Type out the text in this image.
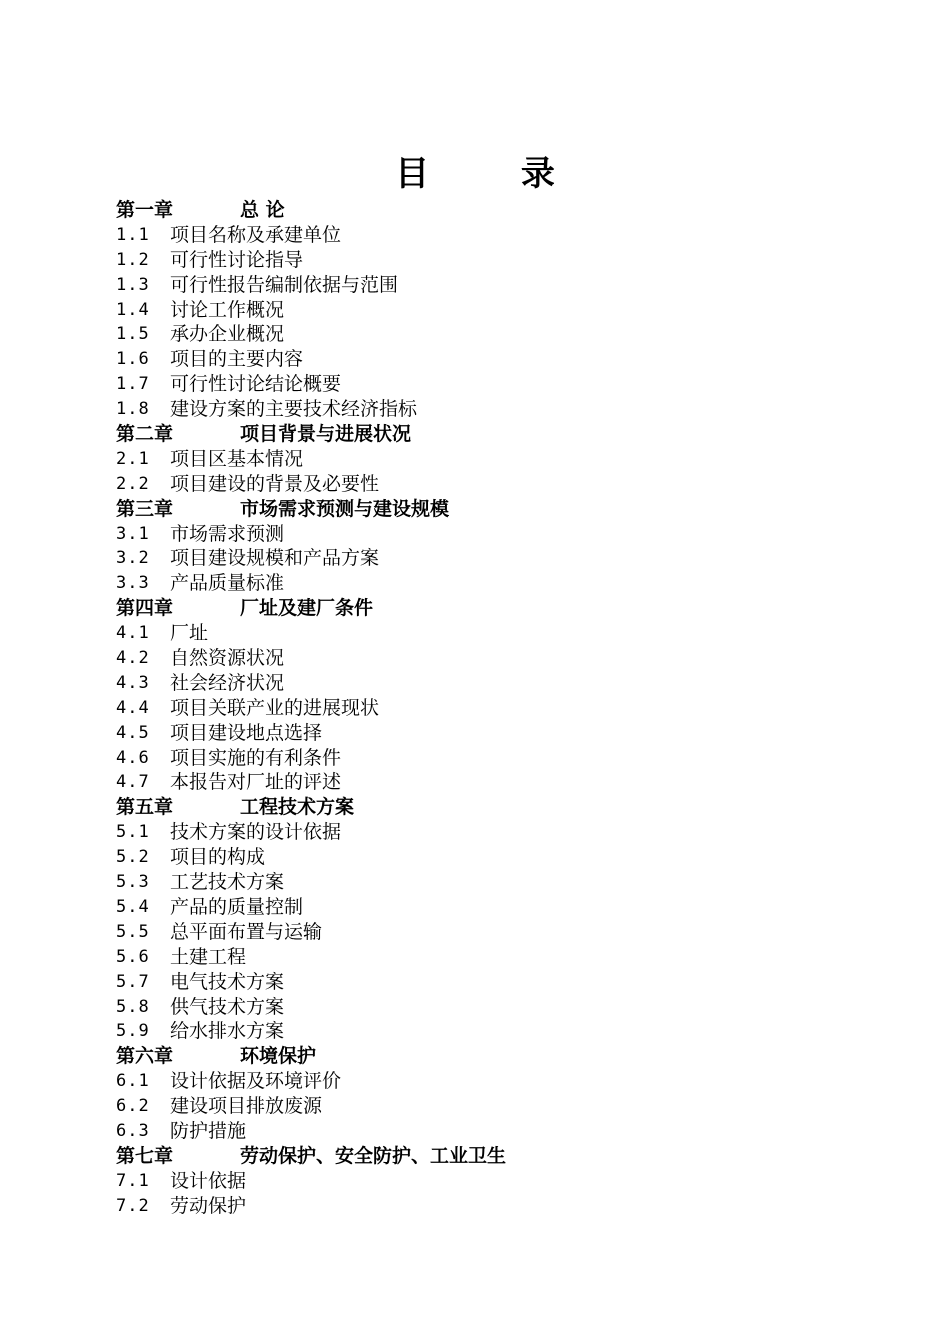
目 录
第一章	总 论
1.1	项目名称及承建单位
1.2	可行性讨论指导
1.3	可行性报告编制依据与范围
1.4	讨论工作概况
1.5	承办企业概况
1.6	项目的主要内容
1.7	可行性讨论结论概要
1.8	建设方案的主要技术经济指标
第二章	项目背景与进展状况
2.1	项目区基本情况
2.2	项目建设的背景及必要性
第三章	市场需求预测与建设规模
3.1	市场需求预测
3.2	项目建设规模和产品方案
3.3	产品质量标准
第四章	厂址及建厂条件
4.1	厂址
4.2	自然资源状况
4.3	社会经济状况
4.4	项目关联产业的进展现状
4.5	项目建设地点选择
4.6	项目实施的有利条件
4.7	本报告对厂址的评述
第五章	工程技术方案
5.1	技术方案的设计依据
5.2	项目的构成
5.3	工艺技术方案
5.4	产品的质量控制
5.5	总平面布置与运输
5.6	土建工程
5.7	电气技术方案
5.8	供气技术方案
5.9	给水排水方案
第六章	环境保护
6.1	设计依据及环境评价
6.2	建设项目排放废源
6.3	防护措施
第七章	劳动保护、安全防护、工业卫生
7.1	设计依据
7.2	劳动保护
